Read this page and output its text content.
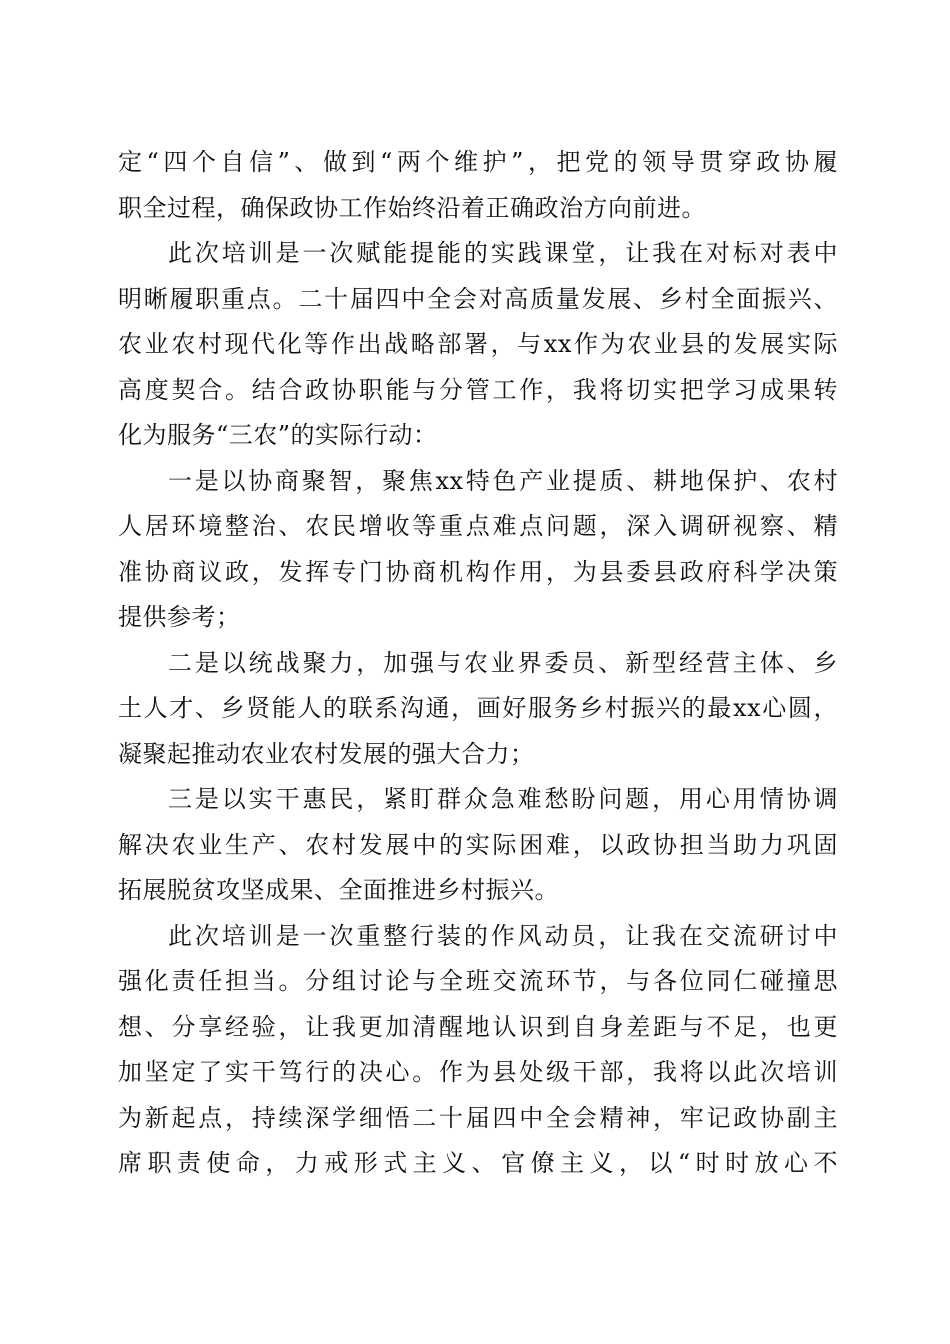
定“四个自信”、做到“两个维护”，把党的领导贯穿政协履
职全过程，确保政协工作始终沿着正确政治方向前进。
此次培训是一次赋能提能的实践课堂，让我在对标对表中
明晰履职重点。二十届四中全会对高质量发展、乡村全面振兴、
农业农村现代化等作出战略部署，与xx作为农业县的发展实际
高度契合。结合政协职能与分管工作，我将切实把学习成果转
化为服务“三农”的实际行动：
一是以协商聚智，聚焦xx特色产业提质、耕地保护、农村
人居环境整治、农民增收等重点难点问题，深入调研视察、精
准协商议政，发挥专门协商机构作用，为县委县政府科学决策
提供参考；
二是以统战聚力，加强与农业界委员、新型经营主体、乡
土人才、乡贤能人的联系沟通，画好服务乡村振兴的最xx心圆，
凝聚起推动农业农村发展的强大合力；
三是以实干惠民，紧盯群众急难愁盼问题，用心用情协调
解决农业生产、农村发展中的实际困难，以政协担当助力巩固
拓展脱贫攻坚成果、全面推进乡村振兴。
此次培训是一次重整行装的作风动员，让我在交流研讨中
强化责任担当。分组讨论与全班交流环节，与各位同仁碰撞思
想、分享经验，让我更加清醒地认识到自身差距与不足，也更
加坚定了实干笃行的决心。作为县处级干部，我将以此次培训
为新起点，持续深学细悟二十届四中全会精神，牢记政协副主
席职责使命，力戒形式主义、官僚主义，以“时时放心不
